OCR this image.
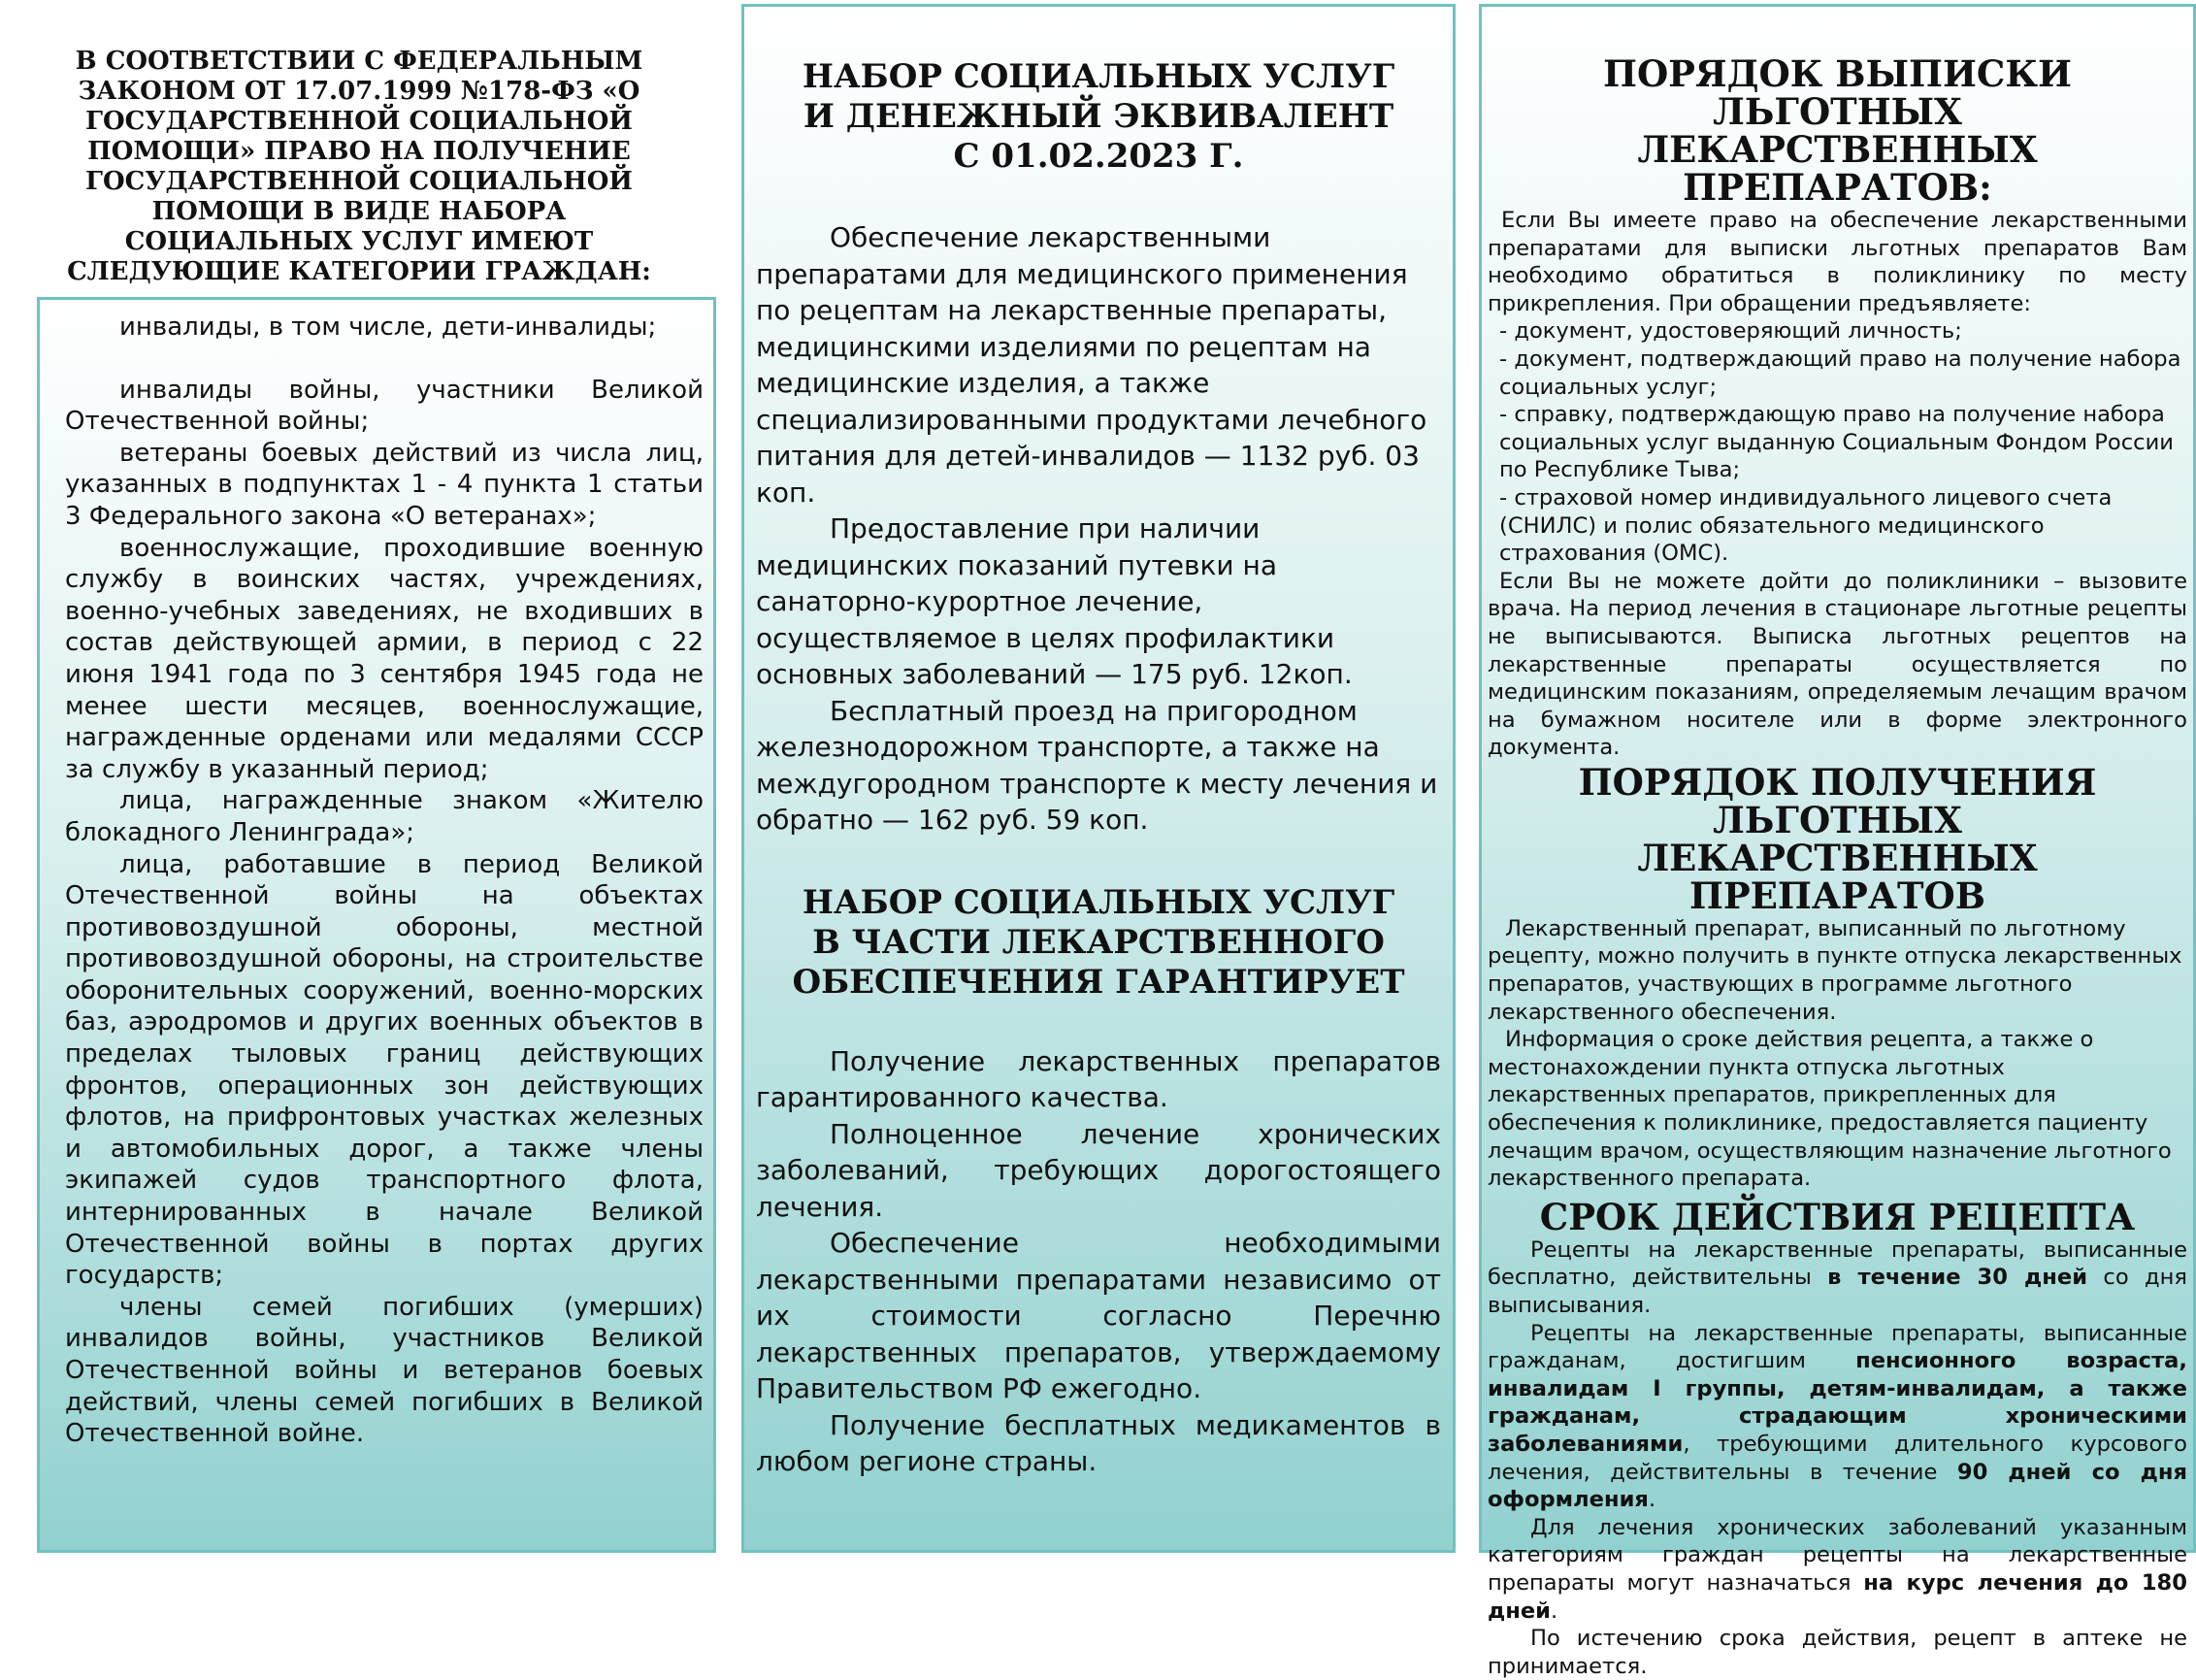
В СООТВЕТСТВИИ С ФЕДЕРАЛЬНЫМ ЗАКОНОМ ОТ 17.07.1999 №178-ФЗ «О ГОСУДАРСТВЕННОЙ СОЦИАЛЬНОЙ ПОМОЩИ» ПРАВО НА ПОЛУЧЕНИЕ ГОСУДАРСТВЕННОЙ СОЦИАЛЬНОЙ ПОМОЩИ В ВИДЕ НАБОРА СОЦИАЛЬНЫХ УСЛУГ ИМЕЮТ СЛЕДУЮЩИЕ КАТЕГОРИИ ГРАЖДАН:

инвалиды, в том числе, дети-инвалиды;

инвалиды войны, участники Великой Отечественной войны;

ветераны боевых действий из числа лиц, указанных в подпунктах 1 - 4 пункта 1 статьи 3 Федерального закона «О ветеранах»;

военнослужащие, проходившие военную службу в воинских частях, учреждениях, военно-учебных заведениях, не входивших в состав действующей армии, в период с 22 июня 1941 года по 3 сентября 1945 года не менее шести месяцев, военнослужащие, награжденные орденами или медалями СССР за службу в указанный период;

лица, награжденные знаком «Жителю блокадного Ленинграда»;

лица, работавшие в период Великой Отечественной войны на объектах противовоздушной обороны, местной противовоздушной обороны, на строительстве оборонительных сооружений, военно-морских баз, аэродромов и других военных объектов в пределах тыловых границ действующих фронтов, операционных зон действующих флотов, на прифронтовых участках железных и автомобильных дорог, а также члены экипажей судов транспортного флота, интернированных в начале Великой Отечественной войны в портах других государств;

члены семей погибших (умерших) инвалидов войны, участников Великой Отечественной войны и ветеранов боевых действий, члены семей погибших в Великой Отечественной войне.

НАБОР СОЦИАЛЬНЫХ УСЛУГ
И ДЕНЕЖНЫЙ ЭКВИВАЛЕНТ
С 01.02.2023 Г.

Обеспечение лекарственными препаратами для медицинского применения по рецептам на лекарственные препараты, медицинскими изделиями по рецептам на медицинские изделия, а также специализированными продуктами лечебного питания для детей-инвалидов — 1132 руб. 03 коп.

Предоставление при наличии медицинских показаний путевки на санаторно-курортное лечение, осуществляемое в целях профилактики основных заболеваний — 175 руб. 12коп.

Бесплатный проезд на пригородном железнодорожном транспорте, а также на междугородном транспорте к месту лечения и обратно — 162 руб. 59 коп.

НАБОР СОЦИАЛЬНЫХ УСЛУГ
В ЧАСТИ ЛЕКАРСТВЕННОГО
ОБЕСПЕЧЕНИЯ ГАРАНТИРУЕТ

Получение лекарственных препаратов гарантированного качества.

Полноценное лечение хронических заболеваний, требующих дорогостоящего лечения.

Обеспечение необходимыми лекарственными препаратами независимо от их стоимости согласно Перечню лекарственных препаратов, утверждаемому Правительством РФ ежегодно.

Получение бесплатных медикаментов в любом регионе страны.

ПОРЯДОК ВЫПИСКИ ЛЬГОТНЫХ
ЛЕКАРСТВЕННЫХ ПРЕПАРАТОВ:

Если Вы имеете право на обеспечение лекарственными препаратами для выписки льготных препаратов Вам необходимо обратиться в поликлинику по месту прикрепления. При обращении предъявляете:

- документ, удостоверяющий личность;

- документ, подтверждающий право на получение набора социальных услуг;

- справку, подтверждающую право на получение набора социальных услуг выданную Социальным Фондом России по Республике Тыва;

- страховой номер индивидуального лицевого счета (СНИЛС) и полис обязательного медицинского страхования (ОМС).

Если Вы не можете дойти до поликлиники – вызовите врача. На период лечения в стационаре льготные рецепты не выписываются. Выписка льготных рецептов на лекарственные препараты осуществляется по медицинским показаниям, определяемым лечащим врачом на бумажном носителе или в форме электронного документа.

ПОРЯДОК ПОЛУЧЕНИЯ ЛЬГОТНЫХ
ЛЕКАРСТВЕННЫХ ПРЕПАРАТОВ

Лекарственный препарат, выписанный по льготному рецепту, можно получить в пункте отпуска лекарственных препаратов, участвующих в программе льготного лекарственного обеспечения.

Информация о сроке действия рецепта, а также о местонахождении пункта отпуска льготных лекарственных препаратов, прикрепленных для обеспечения к поликлинике, предоставляется пациенту лечащим врачом, осуществляющим назначение льготного лекарственного препарата.

СРОК ДЕЙСТВИЯ РЕЦЕПТА

Рецепты на лекарственные препараты, выписанные бесплатно, действительны в течение 30 дней со дня выписывания.

Рецепты на лекарственные препараты, выписанные гражданам, достигшим пенсионного возраста, инвалидам I группы, детям-инвалидам, а также гражданам, страдающим хроническими заболеваниями, требующими длительного курсового лечения, действительны в течение 90 дней со дня оформления.

Для лечения хронических заболеваний указанным категориям граждан рецепты на лекарственные препараты могут назначаться на курс лечения до 180 дней.

По истечению срока действия, рецепт в аптеке не принимается.
